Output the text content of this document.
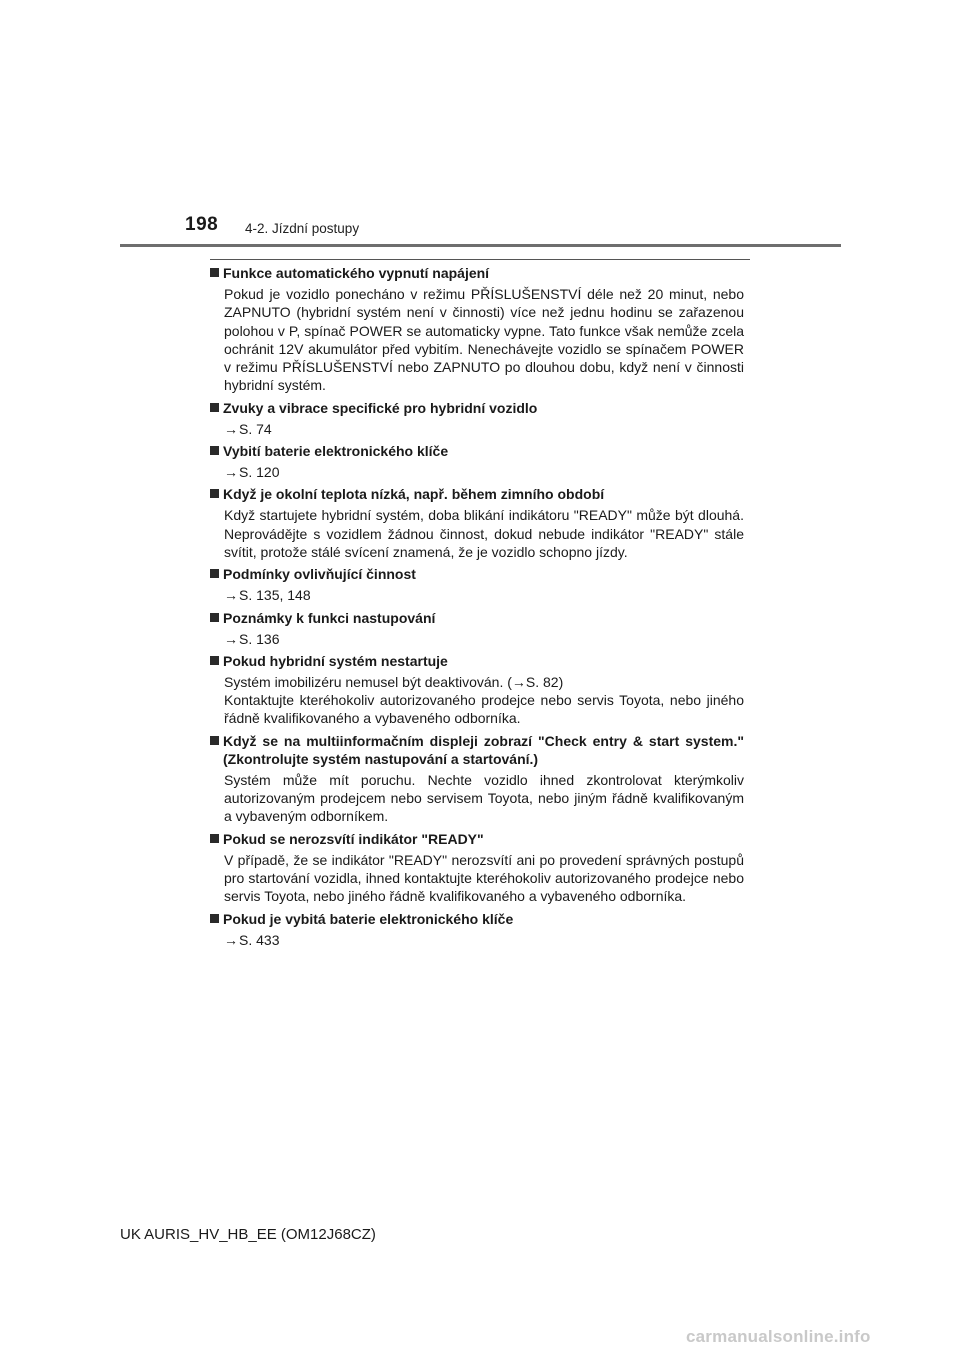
198 4-2. Jízdní postupy
Funkce automatického vypnutí napájení

Pokud je vozidlo ponecháno v režimu PŘÍSLUŠENSTVÍ déle než 20 minut, nebo ZAPNUTO (hybridní systém není v činnosti) více než jednu hodinu se zařazenou polohou v P, spínač POWER se automaticky vypne. Tato funkce však nemůže zcela ochránit 12V akumulátor před vybitím. Nenechávejte vozidlo se spínačem POWER v režimu PŘÍSLUŠENSTVÍ nebo ZAPNUTO po dlouhou dobu, když není v činnosti hybridní systém.

Zvuky a vibrace specifické pro hybridní vozidlo
→S. 74
Vybití baterie elektronického klíče
→S. 120
Když je okolní teplota nízká, např. během zimního období

Když startujete hybridní systém, doba blikání indikátoru "READY" může být dlouhá. Neprovádějte s vozidlem žádnou činnost, dokud nebude indikátor "READY" stále svítit, protože stálé svícení znamená, že je vozidlo schopno jízdy.

Podmínky ovlivňující činnost
→S. 135, 148
Poznámky k funkci nastupování
→S. 136
Pokud hybridní systém nestartuje

Systém imobilizéru nemusel být deaktivován. (→S. 82)

Kontaktujte kteréhokoliv autorizovaného prodejce nebo servis Toyota, nebo jiného řádně kvalifikovaného a vybaveného odborníka.

Když se na multiinformačním displeji zobrazí "Check entry & start system." (Zkontrolujte systém nastupování a startování.)

Systém může mít poruchu. Nechte vozidlo ihned zkontrolovat kterýmkoliv autorizovaným prodejcem nebo servisem Toyota, nebo jiným řádně kvalifikovaným a vybaveným odborníkem.

Pokud se nerozsvítí indikátor "READY"

V případě, že se indikátor "READY" nerozsvítí ani po provedení správných postupů pro startování vozidla, ihned kontaktujte kteréhokoliv autorizovaného prodejce nebo servis Toyota, nebo jiného řádně kvalifikovaného a vybaveného odborníka.

Pokud je vybitá baterie elektronického klíče
→S. 433
UK AURIS_HV_HB_EE (OM12J68CZ)
carmanualsonline.info
